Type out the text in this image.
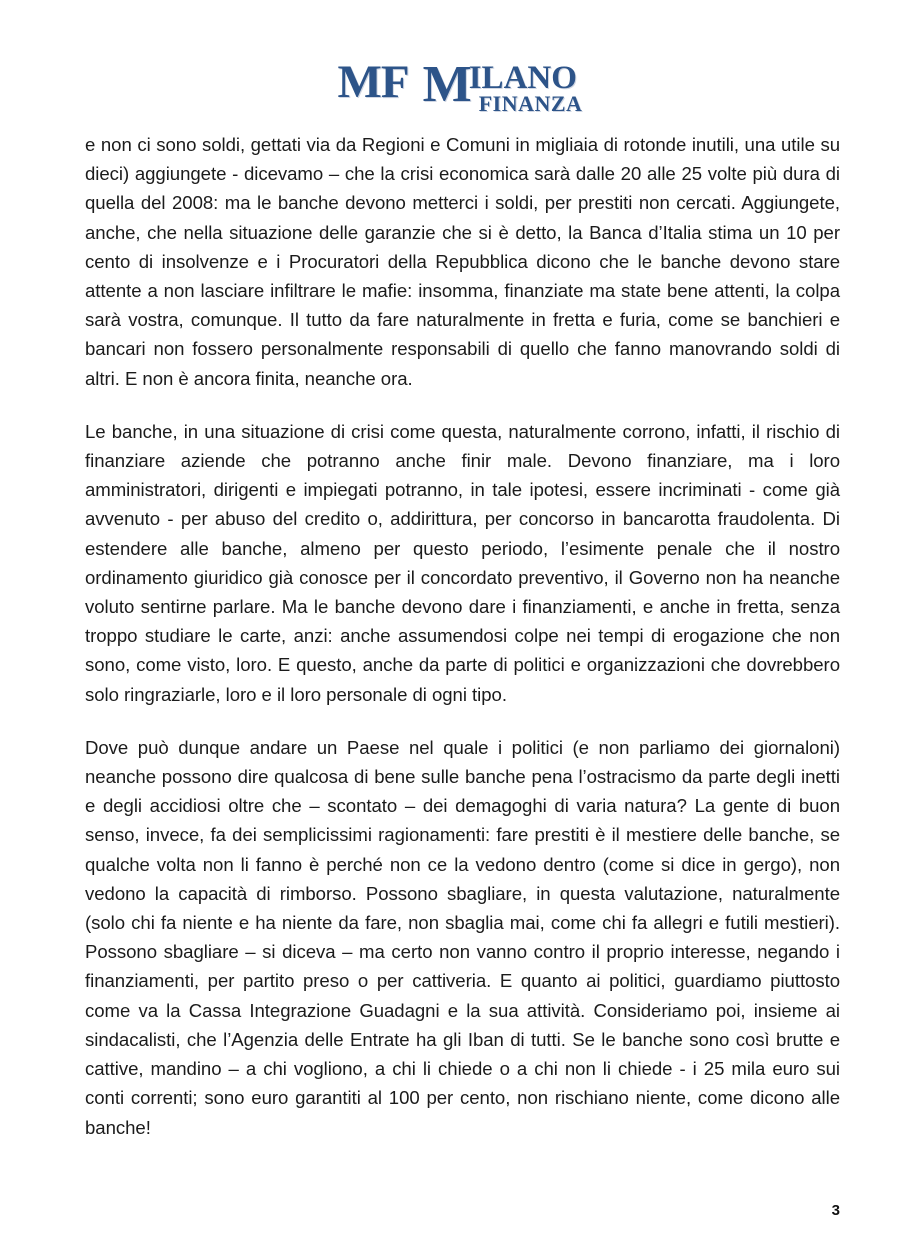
MF M ILANO
FINANZA

e non ci sono soldi, gettati via da Regioni e Comuni in migliaia di rotonde inutili, una utile su dieci) aggiungete - dicevamo – che la crisi economica sarà dalle 20 alle 25 volte più dura di quella del 2008: ma le banche devono metterci i soldi, per prestiti non cercati. Aggiungete, anche, che nella situazione delle garanzie che si è detto, la Banca d’Italia stima un 10 per cento di insolvenze e i Procuratori della Repubblica dicono che le banche devono stare attente a non lasciare infiltrare le mafie: insomma, finanziate ma state bene attenti, la colpa sarà vostra, comunque. Il tutto da fare naturalmente in fretta e furia, come se banchieri e bancari non fossero personalmente responsabili di quello che fanno manovrando soldi di altri. E non è ancora finita, neanche ora.

Le banche, in una situazione di crisi come questa, naturalmente corrono, infatti, il rischio di finanziare aziende che potranno anche finir male. Devono finanziare, ma i loro amministratori, dirigenti e impiegati potranno, in tale ipotesi, essere incriminati - come già avvenuto - per abuso del credito o, addirittura, per concorso in bancarotta fraudolenta. Di estendere alle banche, almeno per questo periodo, l’esimente penale che il nostro ordinamento giuridico già conosce per il concordato preventivo, il Governo non ha neanche voluto sentirne parlare. Ma le banche devono dare i finanziamenti, e anche in fretta, senza troppo studiare le carte, anzi: anche assumendosi colpe nei tempi di erogazione che non sono, come visto, loro. E questo, anche da parte di politici e organizzazioni che dovrebbero solo ringraziarle, loro e il loro personale di ogni tipo.

Dove può dunque andare un Paese nel quale i politici (e non parliamo dei giornaloni) neanche possono dire qualcosa di bene sulle banche pena l’ostracismo da parte degli inetti e degli accidiosi oltre che – scontato – dei demagoghi di varia natura? La gente di buon senso, invece, fa dei semplicissimi ragionamenti: fare prestiti è il mestiere delle banche, se qualche volta non li fanno è perché non ce la vedono dentro (come si dice in gergo), non vedono la capacità di rimborso. Possono sbagliare, in questa valutazione, naturalmente (solo chi fa niente e ha niente da fare, non sbaglia mai, come chi fa allegri e futili mestieri). Possono sbagliare – si diceva – ma certo non vanno contro il proprio interesse, negando i finanziamenti, per partito preso o per cattiveria. E quanto ai politici, guardiamo piuttosto come va la Cassa Integrazione Guadagni e la sua attività. Consideriamo poi, insieme ai sindacalisti, che l’Agenzia delle Entrate ha gli Iban di tutti. Se le banche sono così brutte e cattive, mandino – a chi vogliono, a chi li chiede o a chi non li chiede - i 25 mila euro sui conti correnti; sono euro garantiti al 100 per cento, non rischiano niente, come dicono alle banche!

3
